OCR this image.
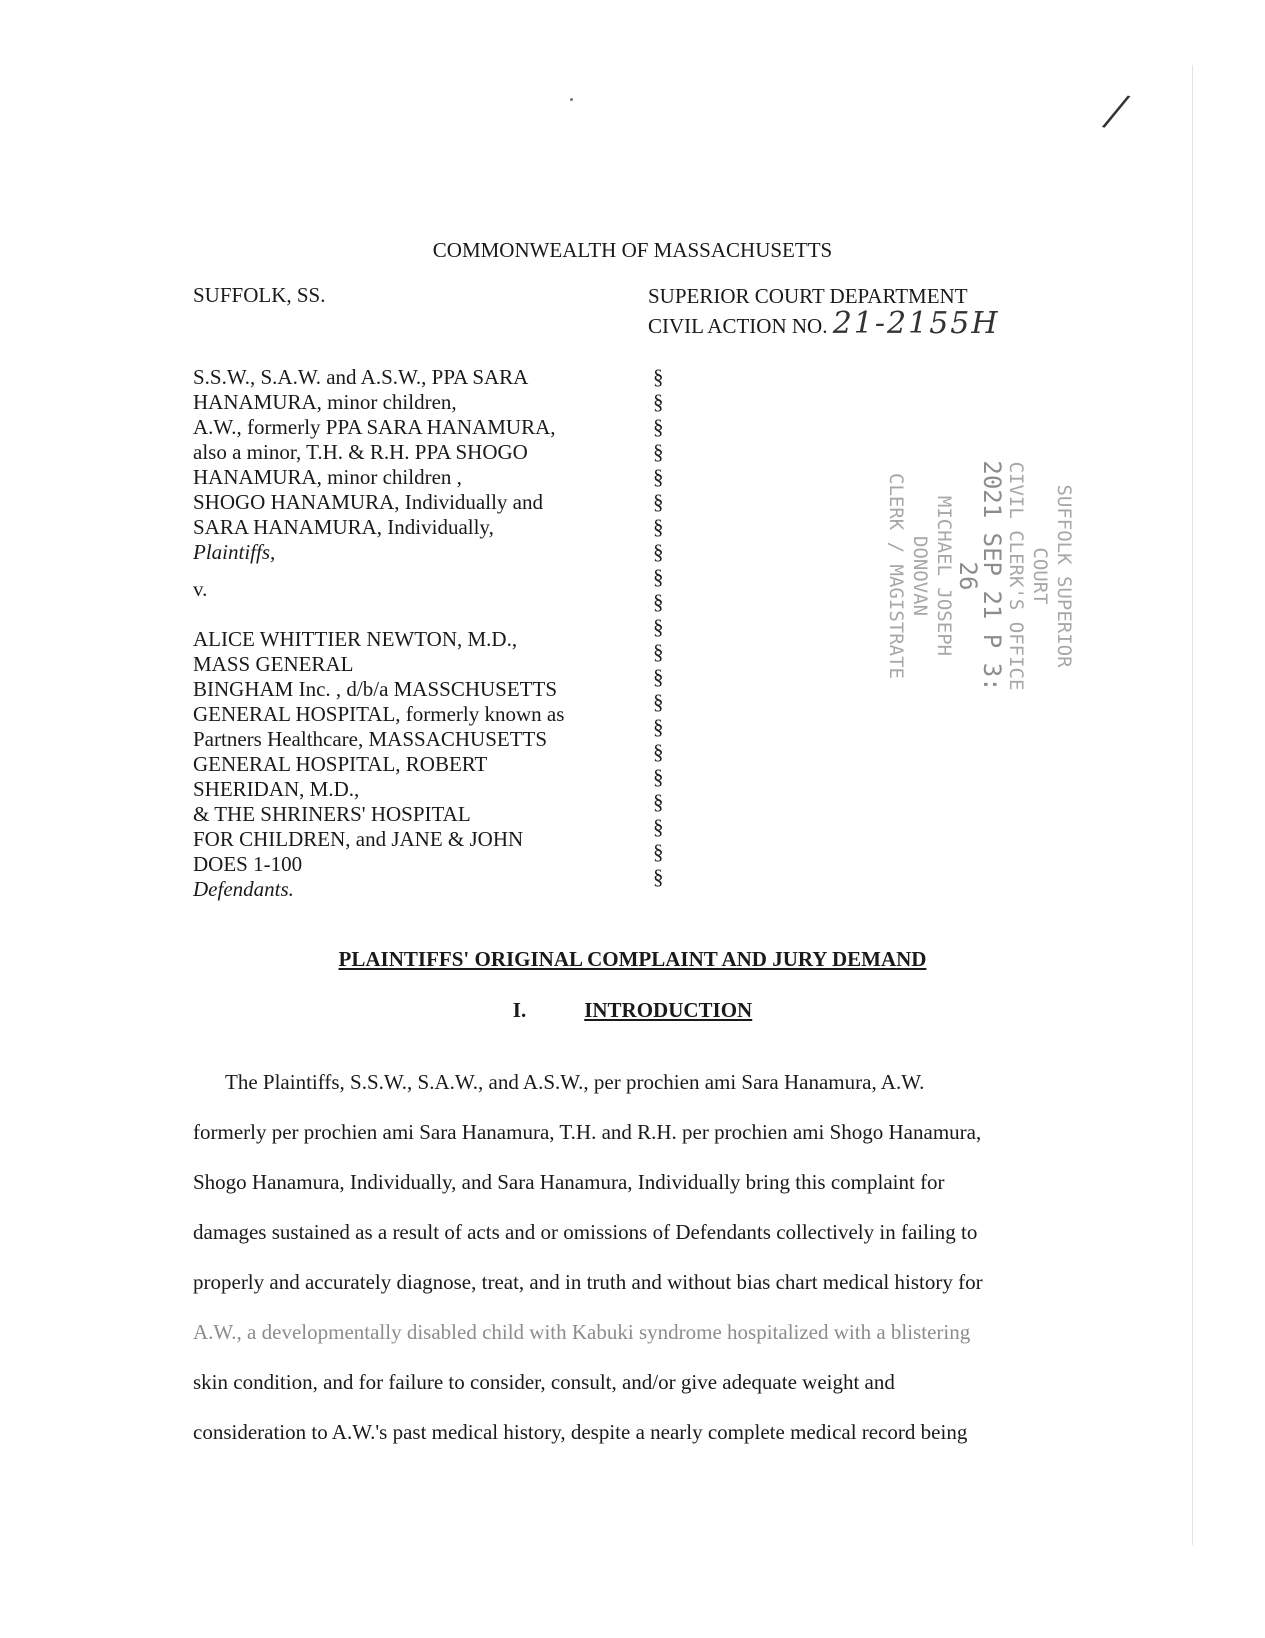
/
COMMONWEALTH OF MASSACHUSETTS
SUFFOLK, SS.	SUPERIOR COURT DEPARTMENT
CIVIL ACTION NO. 21-2155H
S.S.W., S.A.W. and A.S.W., PPA SARA
HANAMURA, minor children,
A.W., formerly PPA SARA HANAMURA,
also a minor, T.H. & R.H. PPA SHOGO
HANAMURA, minor children ,
SHOGO HANAMURA, Individually and
SARA HANAMURA, Individually,
Plaintiffs,
v.
ALICE WHITTIER NEWTON, M.D.,
MASS GENERAL
BINGHAM Inc. , d/b/a MASSCHUSETTS
GENERAL HOSPITAL, formerly known as
Partners Healthcare, MASSACHUSETTS
GENERAL HOSPITAL, ROBERT
SHERIDAN, M.D.,
& THE SHRINERS' HOSPITAL
FOR CHILDREN, and JANE & JOHN
DOES 1-100
Defendants.
§
§
§
§
§
§
§
§
§
§
§
§
§
§
§
§
§
§
§
§
§
SUFFOLK SUPERIOR COURT
CIVIL CLERK'S OFFICE
2021 SEP 21 P 3: 26
MICHAEL JOSEPH DONOVAN
CLERK / MAGISTRATE
PLAINTIFFS' ORIGINAL COMPLAINT AND JURY DEMAND
I.	INTRODUCTION
The Plaintiffs, S.S.W., S.A.W., and A.S.W., per prochien ami Sara Hanamura, A.W.
formerly per prochien ami Sara Hanamura, T.H. and R.H. per prochien ami Shogo Hanamura,
Shogo Hanamura, Individually, and Sara Hanamura, Individually bring this complaint for
damages sustained as a result of acts and or omissions of Defendants collectively in failing to
properly and accurately diagnose, treat, and in truth and without bias chart medical history for
A.W., a developmentally disabled child with Kabuki syndrome hospitalized with a blistering
skin condition, and for failure to consider, consult, and/or give adequate weight and
consideration to A.W.'s past medical history, despite a nearly complete medical record being
